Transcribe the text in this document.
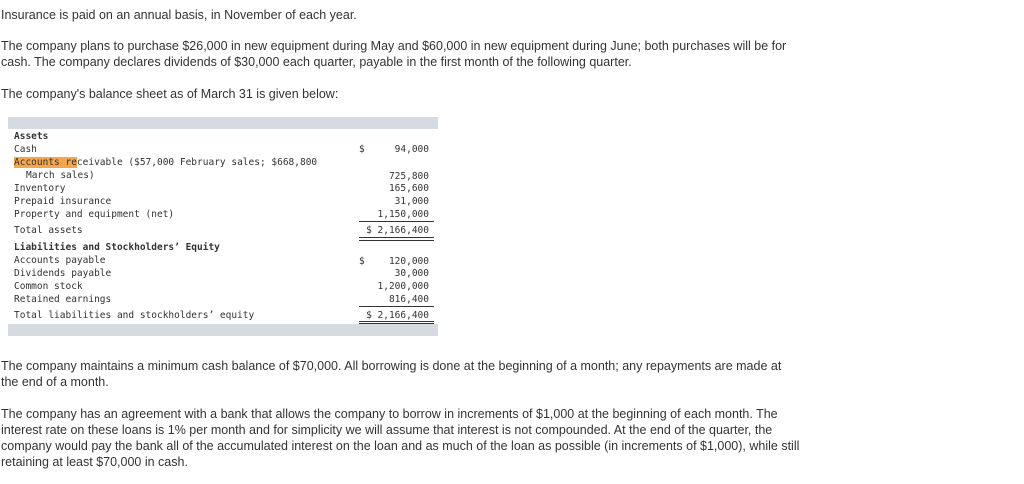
Insurance is paid on an annual basis, in November of each year.

The company plans to purchase $26,000 in new equipment during May and $60,000 in new equipment during June; both purchases will be for cash. The company declares dividends of $30,000 each quarter, payable in the first month of the following quarter.

The company's balance sheet as of March 31 is given below:

Assets
Cash	$	94,000
Accounts receivable ($57,000 February sales; $668,800
March sales)	725,800
Inventory	165,600
Prepaid insurance	31,000
Property and equipment (net)	1,150,000
Total assets	$ 2,166,400
Liabilities and Stockholders’ Equity
Accounts payable	$	120,000
Dividends payable	30,000
Common stock	1,200,000
Retained earnings	816,400
Total liabilities and stockholders’ equity	$ 2,166,400

The company maintains a minimum cash balance of $70,000. All borrowing is done at the beginning of a month; any repayments are made at the end of a month.

The company has an agreement with a bank that allows the company to borrow in increments of $1,000 at the beginning of each month. The interest rate on these loans is 1% per month and for simplicity we will assume that interest is not compounded. At the end of the quarter, the company would pay the bank all of the accumulated interest on the loan and as much of the loan as possible (in increments of $1,000), while still retaining at least $70,000 in cash.
